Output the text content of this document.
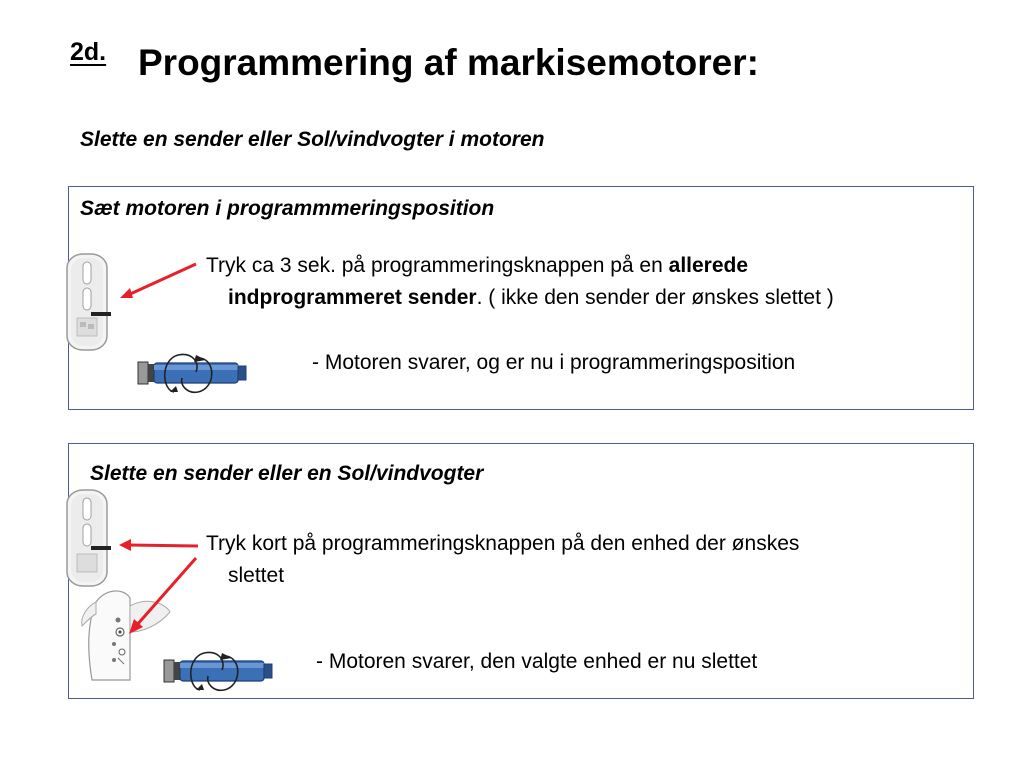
2d. Programmering af markisemotorer:
Slette en sender eller Sol/vindvogter i motoren
Sæt motoren i programmmeringsposition
Tryk ca 3 sek. på programmeringsknappen på en allerede
indprogrammeret sender. ( ikke den sender der ønskes slettet )
- Motoren svarer, og er nu i programmeringsposition
Slette en sender eller en Sol/vindvogter
Tryk kort på programmeringsknappen på den enhed der ønskes
slettet
- Motoren svarer, den valgte enhed er nu slettet
